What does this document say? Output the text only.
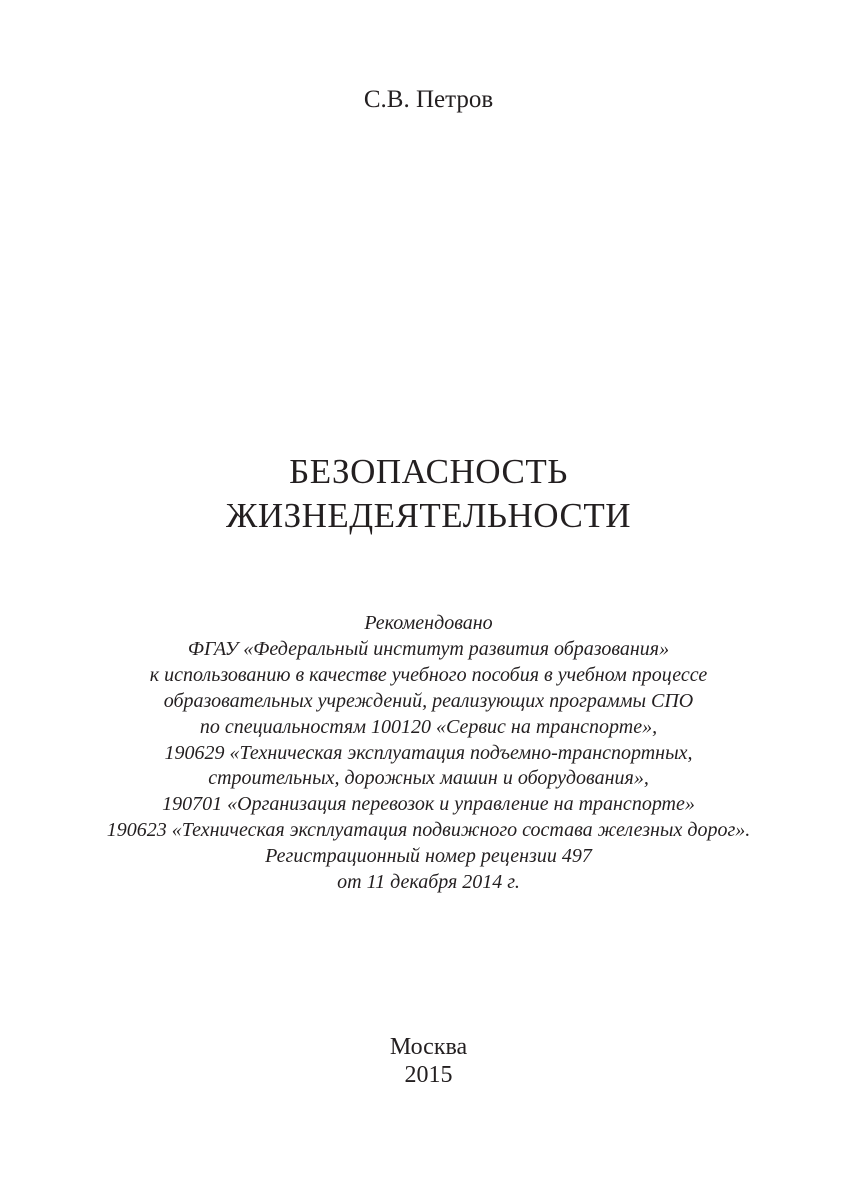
С.В. Петров
БЕЗОПАСНОСТЬ
ЖИЗНЕДЕЯТЕЛЬНОСТИ
Рекомендовано
ФГАУ «Федеральный институт развития образования»
к использованию в качестве учебного пособия в учебном процессе
образовательных учреждений, реализующих программы СПО
по специальностям 100120 «Сервис на транспорте»,
190629 «Техническая эксплуатация подъемно-транспортных,
строительных, дорожных машин и оборудования»,
190701 «Организация перевозок и управление на транспорте»
190623 «Техническая эксплуатация подвижного состава железных дорог».
Регистрационный номер рецензии 497
от 11 декабря 2014 г.
Москва
2015
